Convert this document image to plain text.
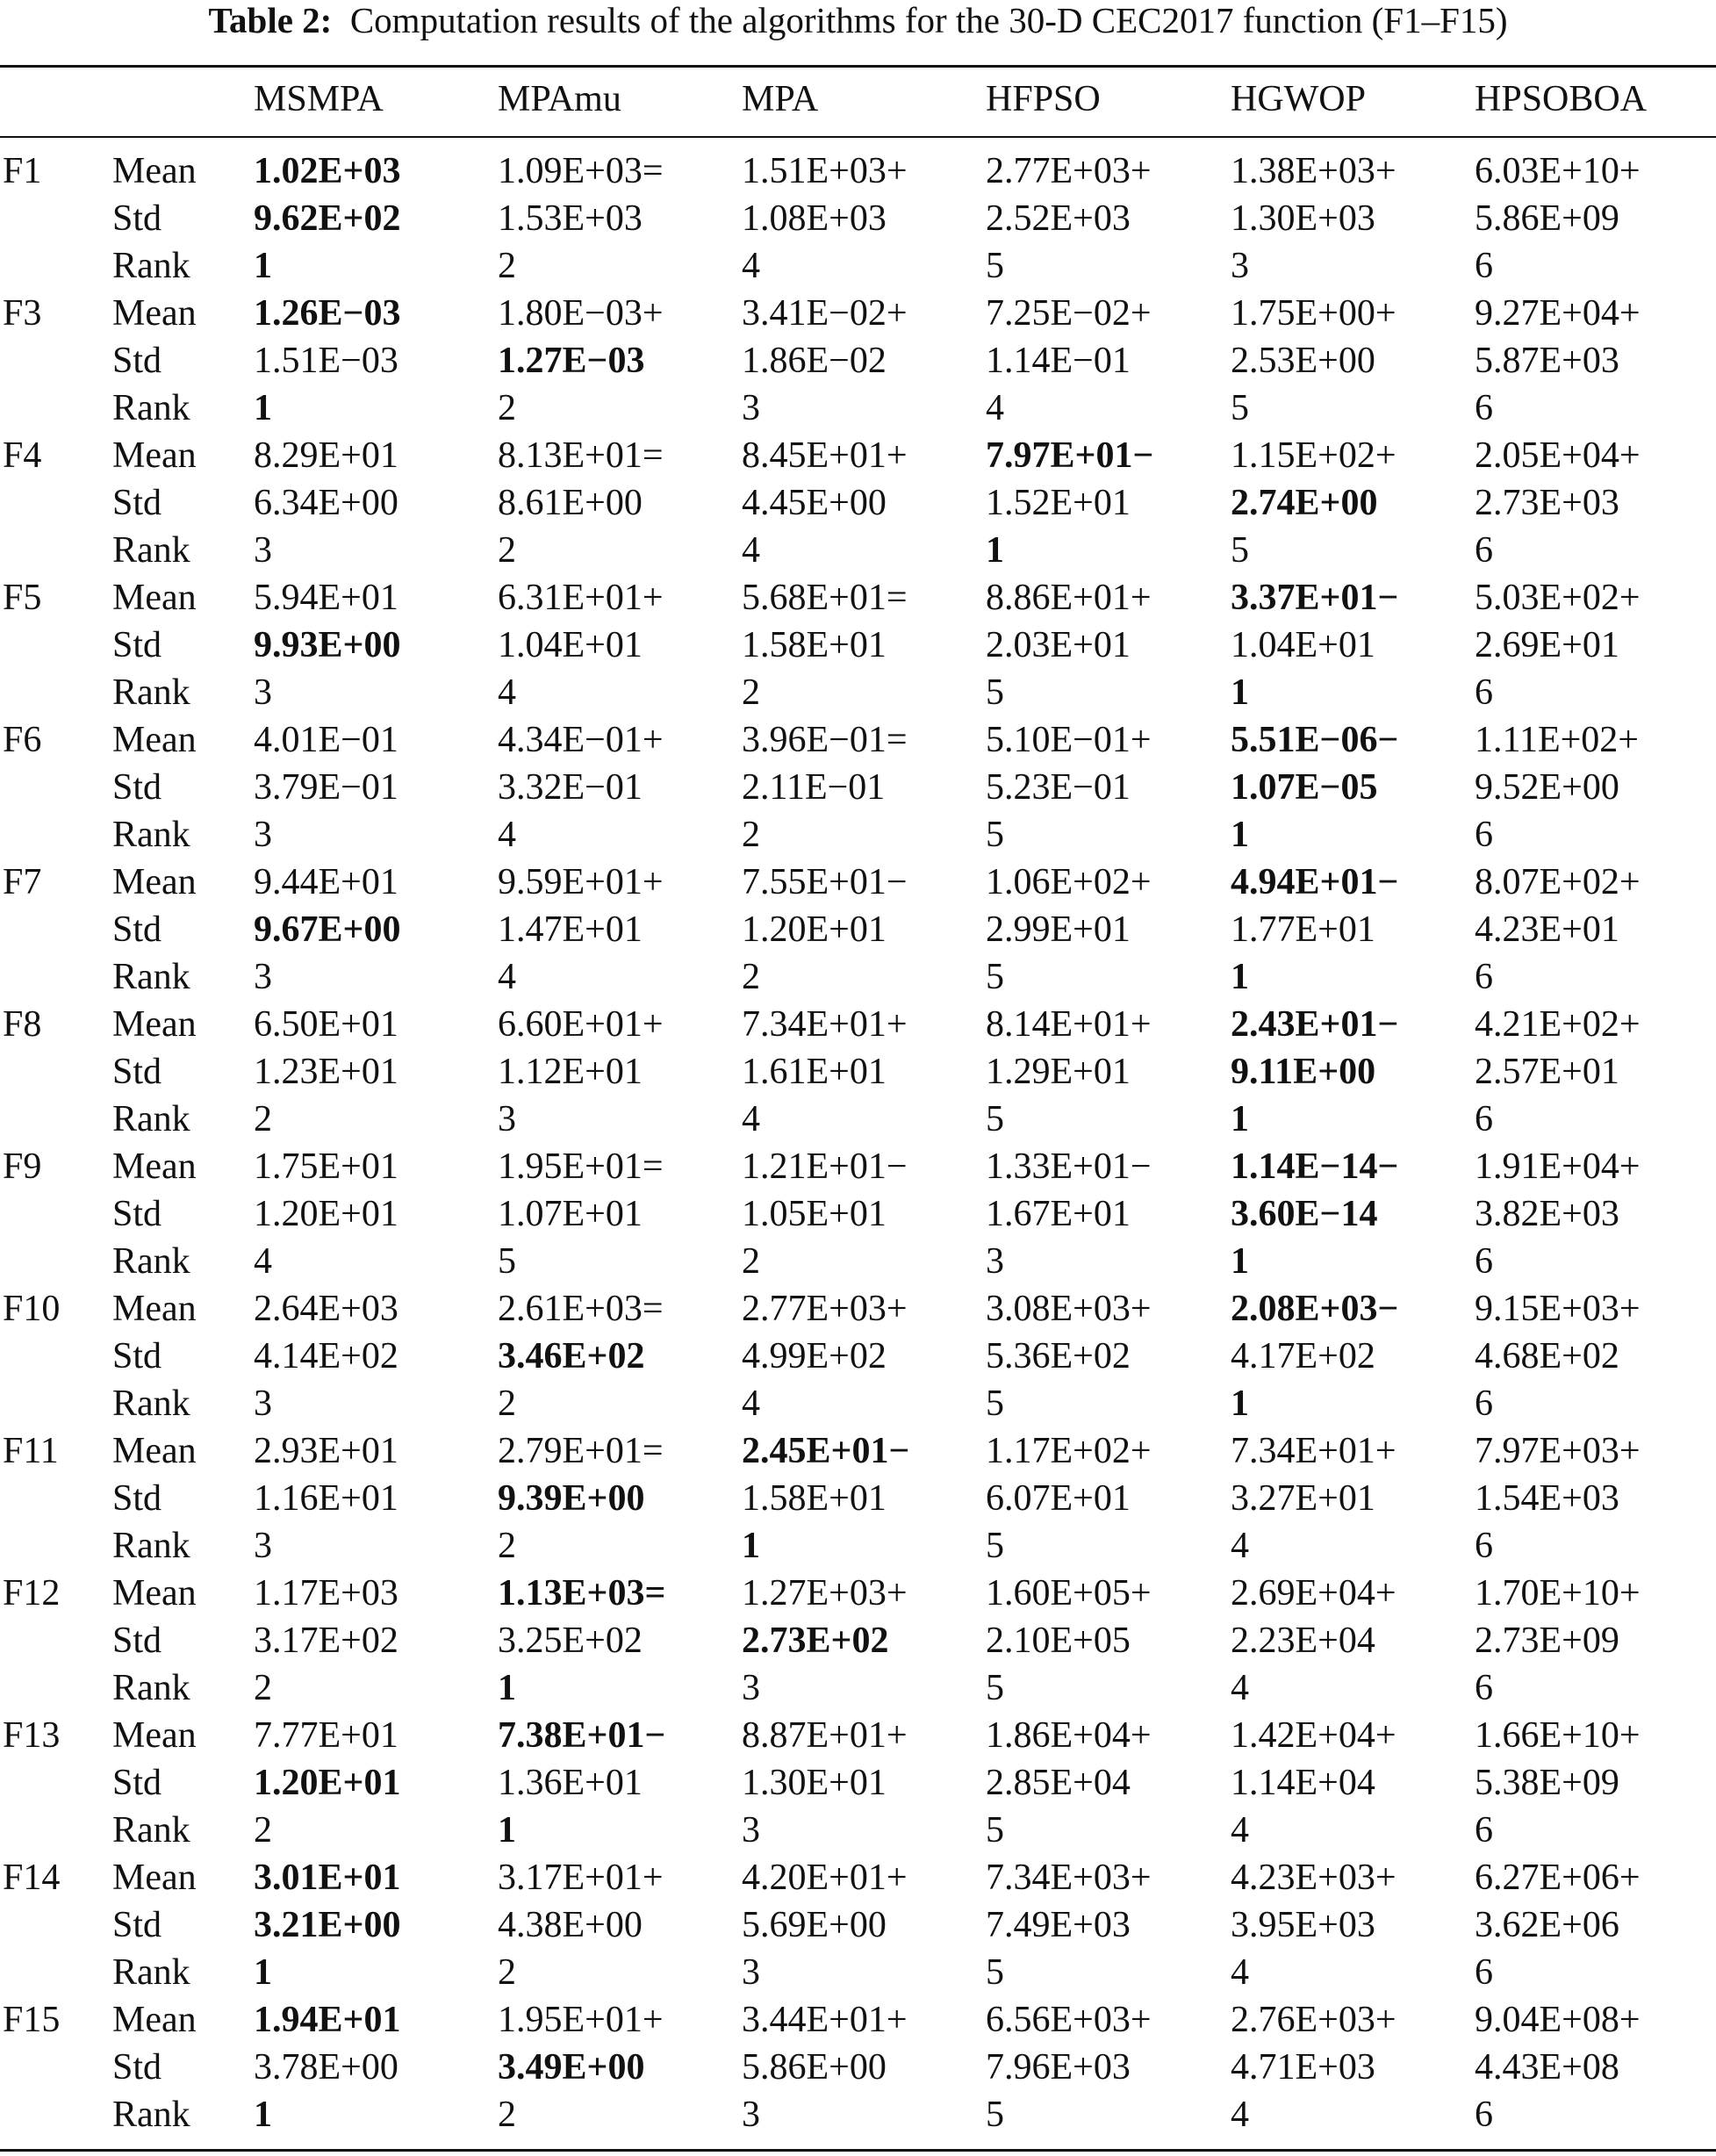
Table 2: Computation results of the algorithms for the 30-D CEC2017 function (F1–F15)
MSMPA	MPAmu	MPA	HFPSO	HGWOP	HPSOBOA
F1 Mean 1.02E+03	1.09E+03= 1.51E+03+ 2.77E+03+ 1.38E+03+ 6.03E+10+
Std 9.62E+02	1.53E+03	1.08E+03	2.52E+03	1.30E+03	5.86E+09
Rank 1	2	4	5	3	6
F3 Mean 1.26E−03	1.80E−03+ 3.41E−02+ 7.25E−02+ 1.75E+00+ 9.27E+04+
Std 1.51E−03	1.27E−03	1.86E−02	1.14E−01	2.53E+00	5.87E+03
Rank 1	2	3	4	5	6
F4 Mean 8.29E+01	8.13E+01= 8.45E+01+ 7.97E+01− 1.15E+02+ 2.05E+04+
Std 6.34E+00	8.61E+00	4.45E+00	1.52E+01	2.74E+00	2.73E+03
Rank 3	2	4	1	5	6
F5 Mean 5.94E+01	6.31E+01+ 5.68E+01= 8.86E+01+ 3.37E+01− 5.03E+02+
Std 9.93E+00	1.04E+01	1.58E+01	2.03E+01	1.04E+01	2.69E+01
Rank 3	4	2	5	1	6
F6 Mean 4.01E−01	4.34E−01+ 3.96E−01= 5.10E−01+ 5.51E−06− 1.11E+02+
Std 3.79E−01	3.32E−01	2.11E−01	5.23E−01	1.07E−05	9.52E+00
Rank 3	4	2	5	1	6
F7 Mean 9.44E+01	9.59E+01+ 7.55E+01− 1.06E+02+ 4.94E+01− 8.07E+02+
Std 9.67E+00	1.47E+01	1.20E+01	2.99E+01	1.77E+01	4.23E+01
Rank 3	4	2	5	1	6
F8 Mean 6.50E+01	6.60E+01+ 7.34E+01+ 8.14E+01+ 2.43E+01− 4.21E+02+
Std 1.23E+01	1.12E+01	1.61E+01	1.29E+01	9.11E+00	2.57E+01
Rank 2	3	4	5	1	6
F9 Mean 1.75E+01	1.95E+01= 1.21E+01− 1.33E+01− 1.14E−14− 1.91E+04+
Std 1.20E+01	1.07E+01	1.05E+01	1.67E+01	3.60E−14	3.82E+03
Rank 4	5	2	3	1	6
F10 Mean 2.64E+03	2.61E+03= 2.77E+03+ 3.08E+03+ 2.08E+03− 9.15E+03+
Std 4.14E+02	3.46E+02	4.99E+02	5.36E+02	4.17E+02	4.68E+02
Rank 3	2	4	5	1	6
F11 Mean 2.93E+01	2.79E+01= 2.45E+01− 1.17E+02+ 7.34E+01+ 7.97E+03+
Std 1.16E+01	9.39E+00	1.58E+01	6.07E+01	3.27E+01	1.54E+03
Rank 3	2	1	5	4	6
F12 Mean 1.17E+03	1.13E+03= 1.27E+03+ 1.60E+05+ 2.69E+04+ 1.70E+10+
Std 3.17E+02	3.25E+02	2.73E+02	2.10E+05	2.23E+04	2.73E+09
Rank 2	1	3	5	4	6
F13 Mean 7.77E+01	7.38E+01− 8.87E+01+ 1.86E+04+ 1.42E+04+ 1.66E+10+
Std 1.20E+01	1.36E+01	1.30E+01	2.85E+04	1.14E+04	5.38E+09
Rank 2	1	3	5	4	6
F14 Mean 3.01E+01	3.17E+01+ 4.20E+01+ 7.34E+03+ 4.23E+03+ 6.27E+06+
Std 3.21E+00	4.38E+00	5.69E+00	7.49E+03	3.95E+03	3.62E+06
Rank 1	2	3	5	4	6
F15 Mean 1.94E+01	1.95E+01+ 3.44E+01+ 6.56E+03+ 2.76E+03+ 9.04E+08+
Std 3.78E+00	3.49E+00	5.86E+00	7.96E+03	4.71E+03	4.43E+08
Rank 1	2	3	5	4	6
